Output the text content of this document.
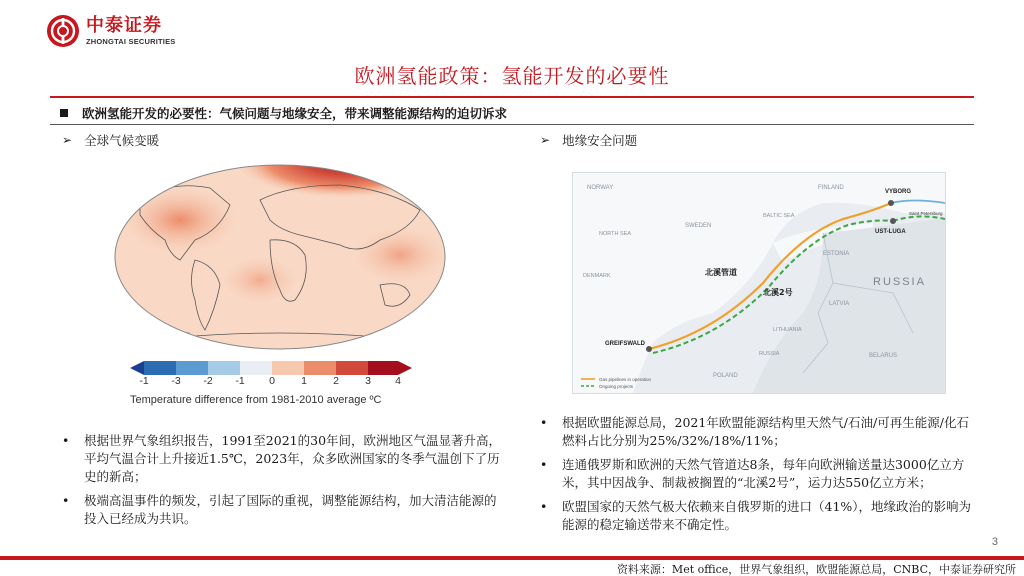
中泰证券
ZHONGTAI SECURITIES
欧洲氢能政策：氢能开发的必要性
欧洲氢能开发的必要性：气候问题与地缘安全，带来调整能源结构的迫切诉求
➢ 全球气候变暖
-1 -3 -2 -1 0 1 2 3 4
Temperature difference from 1981-2010 average ºC
• 根据世界气象组织报告，1991至2021的30年间，欧洲地区气温显著升高，平均气温合计上升接近1.5℃，2023年，众多欧洲国家的冬季气温创下了历史的新高；
• 极端高温事件的频发，引起了国际的重视，调整能源结构，加大清洁能源的投入已经成为共识。
➢ 地缘安全问题
NORWAY	FINLAND
VYBORG
Saint Petersburg
UST-LUGA
BALTIC SEA
NORTH SEA
SWEDEN
ESTONIA
DENMARK
LATVIA
LITHUANIA
RUSSIA
RUSSIA
BELARUS
POLAND
GREIFSWALD
北溪管道
北溪2号
Gas pipelines in operation
Ongoing projects
• 根据欧盟能源总局，2021年欧盟能源结构里天然气/石油/可再生能源/化石燃料占比分别为25%/32%/18%/11%；
• 连通俄罗斯和欧洲的天然气管道达8条，每年向欧洲输送量达3000亿立方米，其中因战争、制裁被搁置的“北溪2号”，运力达550亿立方米；
• 欧盟国家的天然气极大依赖来自俄罗斯的进口（41%），地缘政治的影响为能源的稳定输送带来不确定性。
3
资料来源：Met office，世界气象组织，欧盟能源总局，CNBC，中泰证券研究所
